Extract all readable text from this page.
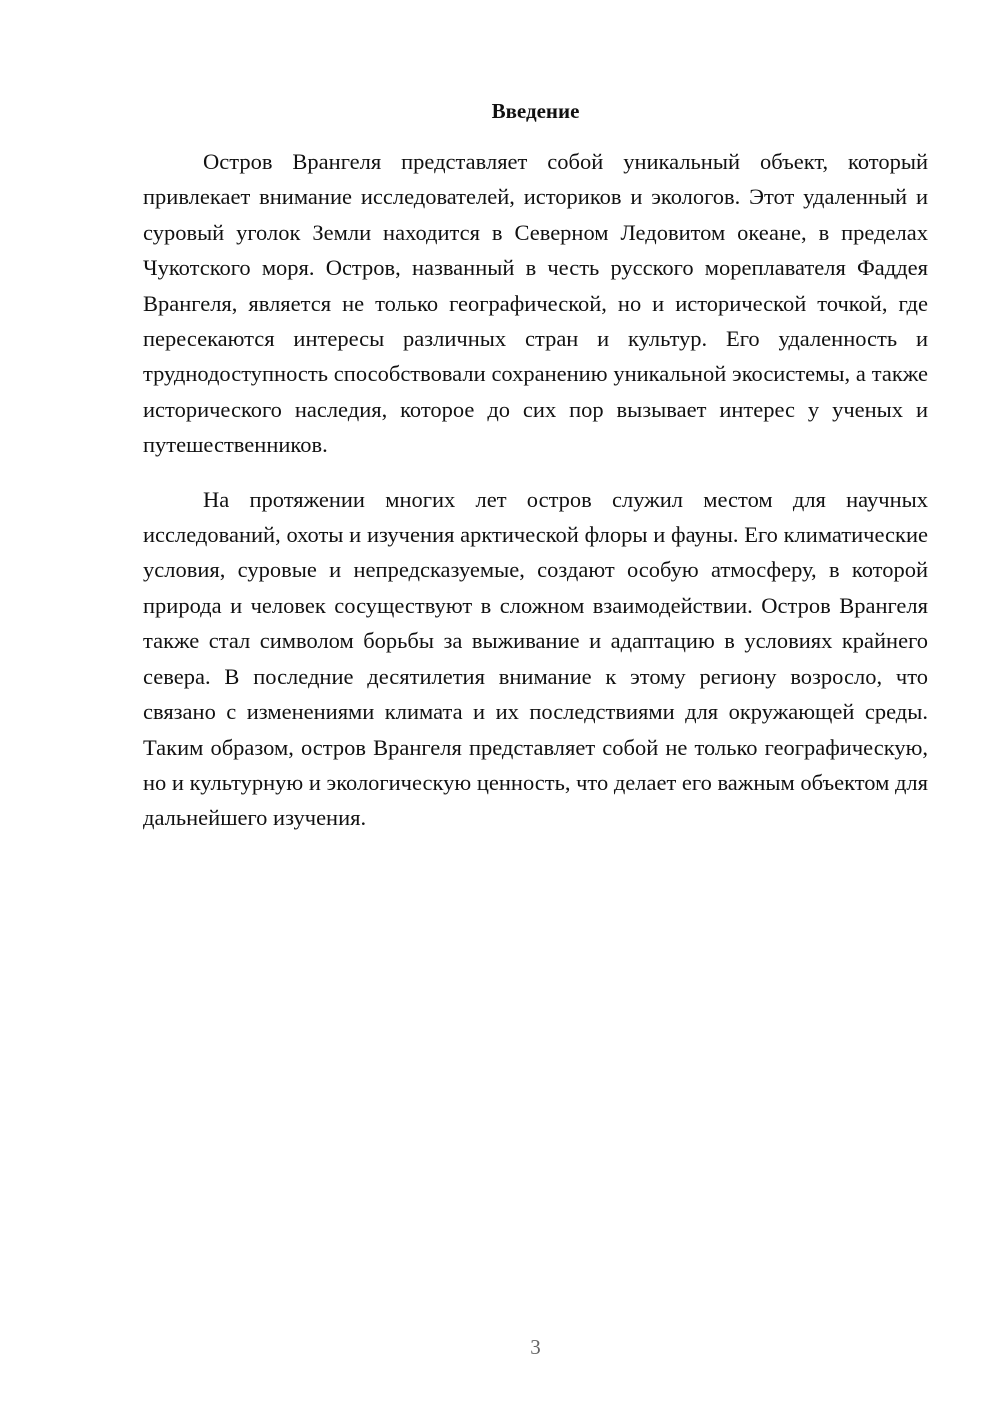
Введение

Остров Врангеля представляет собой уникальный объект, который привлекает внимание исследователей, историков и экологов. Этот удаленный и суровый уголок Земли находится в Северном Ледовитом океане, в пределах Чукотского моря. Остров, названный в честь русского мореплавателя Фаддея Врангеля, является не только географической, но и исторической точкой, где пересекаются интересы различных стран и культур. Его удаленность и труднодоступность способствовали сохранению уникальной экосистемы, а также исторического наследия, которое до сих пор вызывает интерес у ученых и путешественников.

На протяжении многих лет остров служил местом для научных исследований, охоты и изучения арктической флоры и фауны. Его климатические условия, суровые и непредсказуемые, создают особую атмосферу, в которой природа и человек сосуществуют в сложном взаимодействии. Остров Врангеля также стал символом борьбы за выживание и адаптацию в условиях крайнего севера. В последние десятилетия внимание к этому региону возросло, что связано с изменениями климата и их последствиями для окружающей среды. Таким образом, остров Врангеля представляет собой не только географическую, но и культурную и экологическую ценность, что делает его важным объектом для дальнейшего изучения.

3
